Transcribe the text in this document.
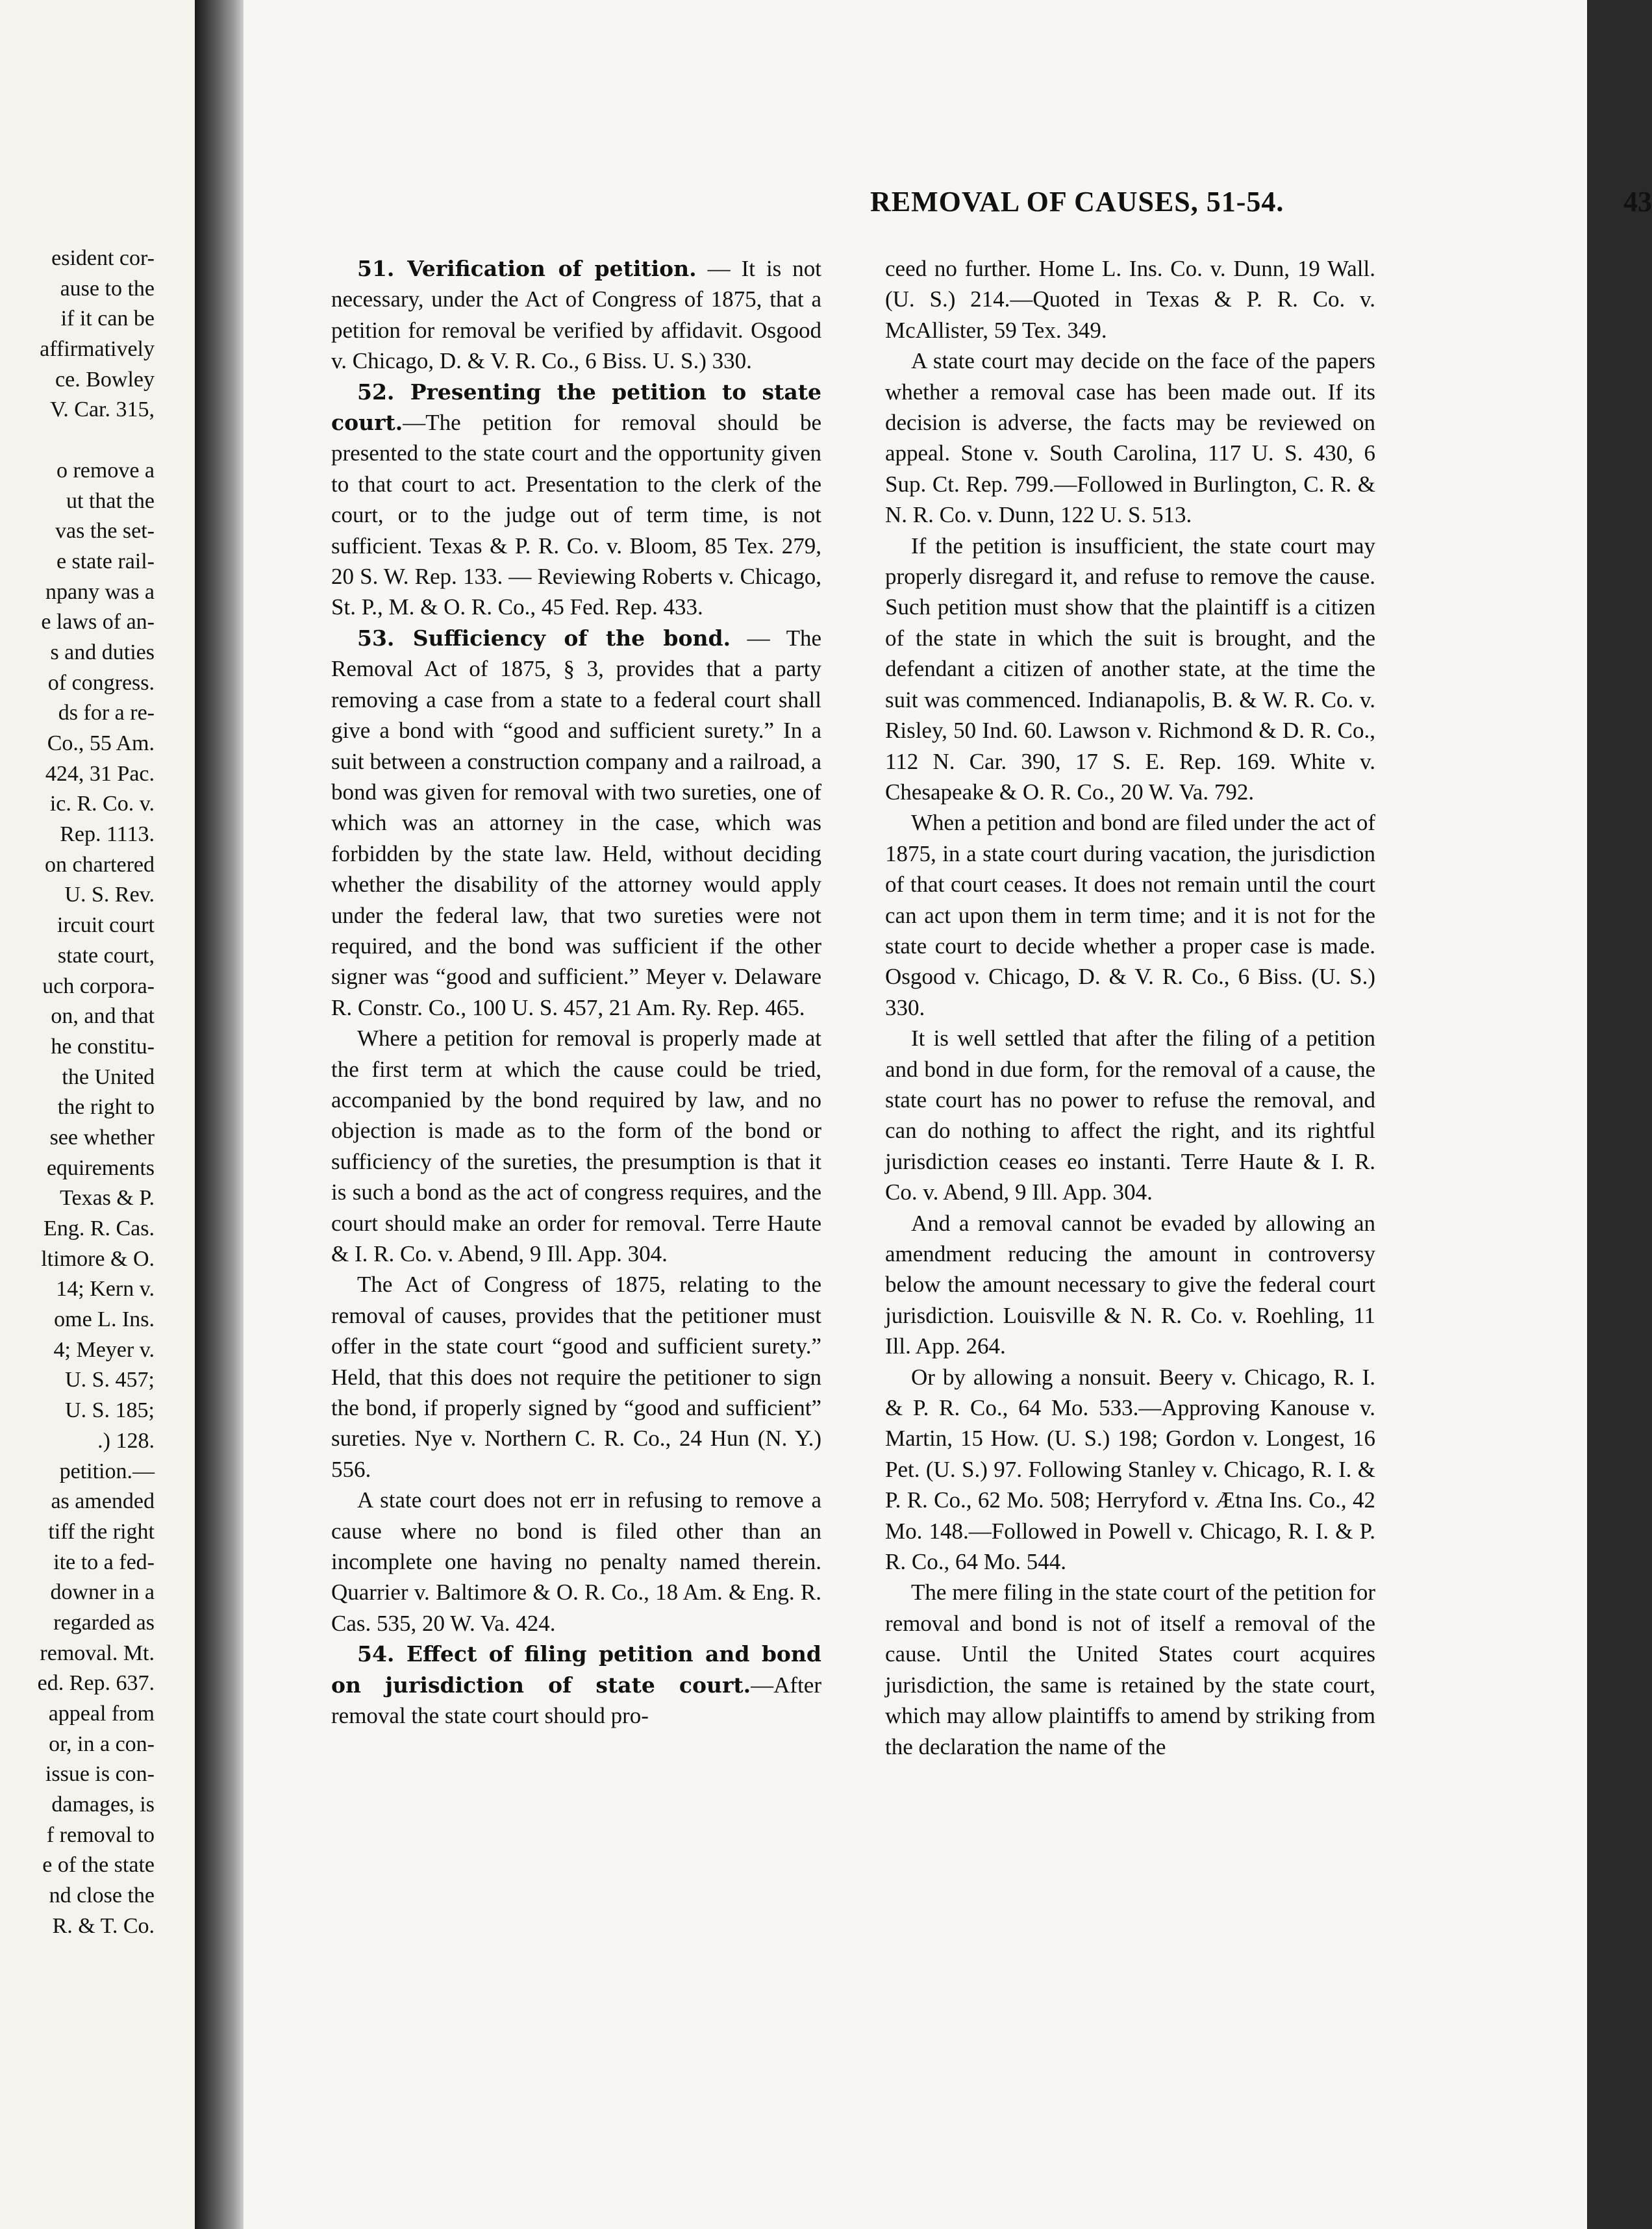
esident cor-
ause to the
if it can be
affirmatively
ce. Bowley
V. Car. 315,
o remove a
ut that the
vas the set-
e state rail-
npany was a
e laws of an-
s and duties
of congress.
ds for a re-
Co., 55 Am.
424, 31 Pac.
ic. R. Co. v.
Rep. 1113.
on chartered
U. S. Rev.
ircuit court
state court,
uch corpora-
on, and that
he constitu-
the United
the right to
see whether
equirements
Texas & P.
Eng. R. Cas.
ltimore & O.
14; Kern v.
ome L. Ins.
4; Meyer v.
U. S. 457;
U. S. 185;
.) 128.
petition.—
as amended
tiff the right
ite to a fed-
downer in a
regarded as
removal. Mt.
ed. Rep. 637.
appeal from
or, in a con-
issue is con-
damages, is
f removal to
e of the state
nd close the
R. & T. Co.
REMOVAL OF CAUSES, 51-54.	43

51. Verification of petition. — It is not necessary, under the Act of Congress of 1875, that a petition for removal be verified by affidavit. Osgood v. Chicago, D. & V. R. Co., 6 Biss. U. S.) 330.

52. Presenting the petition to state court.—The petition for removal should be presented to the state court and the opportunity given to that court to act. Presentation to the clerk of the court, or to the judge out of term time, is not sufficient. Texas & P. R. Co. v. Bloom, 85 Tex. 279, 20 S. W. Rep. 133. — Reviewing Roberts v. Chicago, St. P., M. & O. R. Co., 45 Fed. Rep. 433.

53. Sufficiency of the bond. — The Removal Act of 1875, § 3, provides that a party removing a case from a state to a federal court shall give a bond with “good and sufficient surety.” In a suit between a construction company and a railroad, a bond was given for removal with two sureties, one of which was an attorney in the case, which was forbidden by the state law. Held, without deciding whether the disability of the attorney would apply under the federal law, that two sureties were not required, and the bond was sufficient if the other signer was “good and sufficient.” Meyer v. Delaware R. Constr. Co., 100 U. S. 457, 21 Am. Ry. Rep. 465.

Where a petition for removal is properly made at the first term at which the cause could be tried, accompanied by the bond required by law, and no objection is made as to the form of the bond or sufficiency of the sureties, the presumption is that it is such a bond as the act of congress requires, and the court should make an order for removal. Terre Haute & I. R. Co. v. Abend, 9 Ill. App. 304.

The Act of Congress of 1875, relating to the removal of causes, provides that the petitioner must offer in the state court “good and sufficient surety.” Held, that this does not require the petitioner to sign the bond, if properly signed by “good and sufficient” sureties. Nye v. Northern C. R. Co., 24 Hun (N. Y.) 556.

A state court does not err in refusing to remove a cause where no bond is filed other than an incomplete one having no penalty named therein. Quarrier v. Baltimore & O. R. Co., 18 Am. & Eng. R. Cas. 535, 20 W. Va. 424.

54. Effect of filing petition and bond on jurisdiction of state court.—After removal the state court should pro-

ceed no further. Home L. Ins. Co. v. Dunn, 19 Wall. (U. S.) 214.—Quoted in Texas & P. R. Co. v. McAllister, 59 Tex. 349.

A state court may decide on the face of the papers whether a removal case has been made out. If its decision is adverse, the facts may be reviewed on appeal. Stone v. South Carolina, 117 U. S. 430, 6 Sup. Ct. Rep. 799.—Followed in Burlington, C. R. & N. R. Co. v. Dunn, 122 U. S. 513.

If the petition is insufficient, the state court may properly disregard it, and refuse to remove the cause. Such petition must show that the plaintiff is a citizen of the state in which the suit is brought, and the defendant a citizen of another state, at the time the suit was commenced. Indianapolis, B. & W. R. Co. v. Risley, 50 Ind. 60. Lawson v. Richmond & D. R. Co., 112 N. Car. 390, 17 S. E. Rep. 169. White v. Chesapeake & O. R. Co., 20 W. Va. 792.

When a petition and bond are filed under the act of 1875, in a state court during vacation, the jurisdiction of that court ceases. It does not remain until the court can act upon them in term time; and it is not for the state court to decide whether a proper case is made. Osgood v. Chicago, D. & V. R. Co., 6 Biss. (U. S.) 330.

It is well settled that after the filing of a petition and bond in due form, for the removal of a cause, the state court has no power to refuse the removal, and can do nothing to affect the right, and its rightful jurisdiction ceases eo instanti. Terre Haute & I. R. Co. v. Abend, 9 Ill. App. 304.

And a removal cannot be evaded by allowing an amendment reducing the amount in controversy below the amount necessary to give the federal court jurisdiction. Louisville & N. R. Co. v. Roehling, 11 Ill. App. 264.

Or by allowing a nonsuit. Beery v. Chicago, R. I. & P. R. Co., 64 Mo. 533.—Approving Kanouse v. Martin, 15 How. (U. S.) 198; Gordon v. Longest, 16 Pet. (U. S.) 97. Following Stanley v. Chicago, R. I. & P. R. Co., 62 Mo. 508; Herryford v. Ætna Ins. Co., 42 Mo. 148.—Followed in Powell v. Chicago, R. I. & P. R. Co., 64 Mo. 544.

The mere filing in the state court of the petition for removal and bond is not of itself a removal of the cause. Until the United States court acquires jurisdiction, the same is retained by the state court, which may allow plaintiffs to amend by striking from the declaration the name of the
